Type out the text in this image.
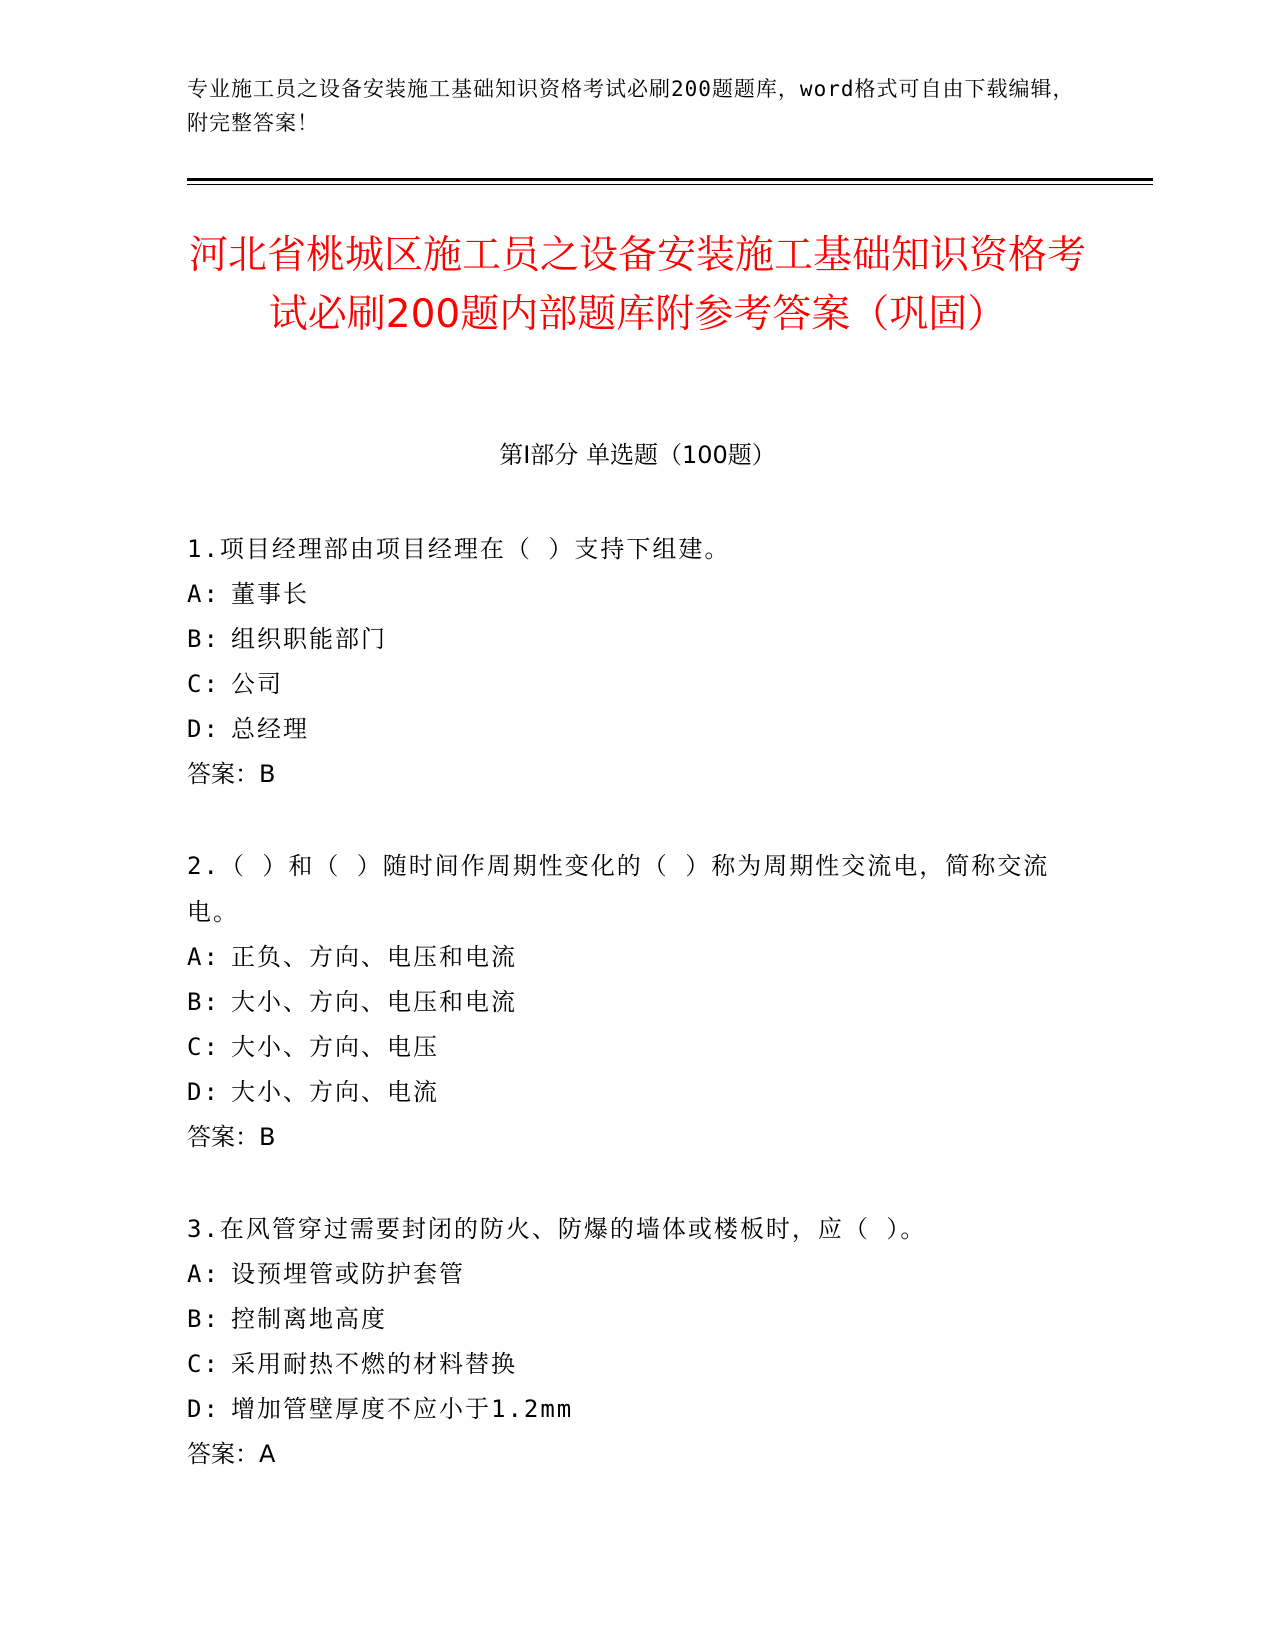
专业施工员之设备安装施工基础知识资格考试必刷200题题库，word格式可自由下载编辑，附完整答案！
河北省桃城区施工员之设备安装施工基础知识资格考试必刷200题内部题库附参考答案（巩固）
第Ⅰ部分 单选题（100题）
1.项目经理部由项目经理在（ ）支持下组建。
A: 董事长
B: 组织职能部门
C: 公司
D: 总经理
答案：B
2.（ ）和（ ）随时间作周期性变化的（ ）称为周期性交流电，简称交流电。
A: 正负、方向、电压和电流
B: 大小、方向、电压和电流
C: 大小、方向、电压
D: 大小、方向、电流
答案：B
3.在风管穿过需要封闭的防火、防爆的墙体或楼板时，应（ ）。
A: 设预埋管或防护套管
B: 控制离地高度
C: 采用耐热不燃的材料替换
D: 增加管壁厚度不应小于1.2mm
答案：A
